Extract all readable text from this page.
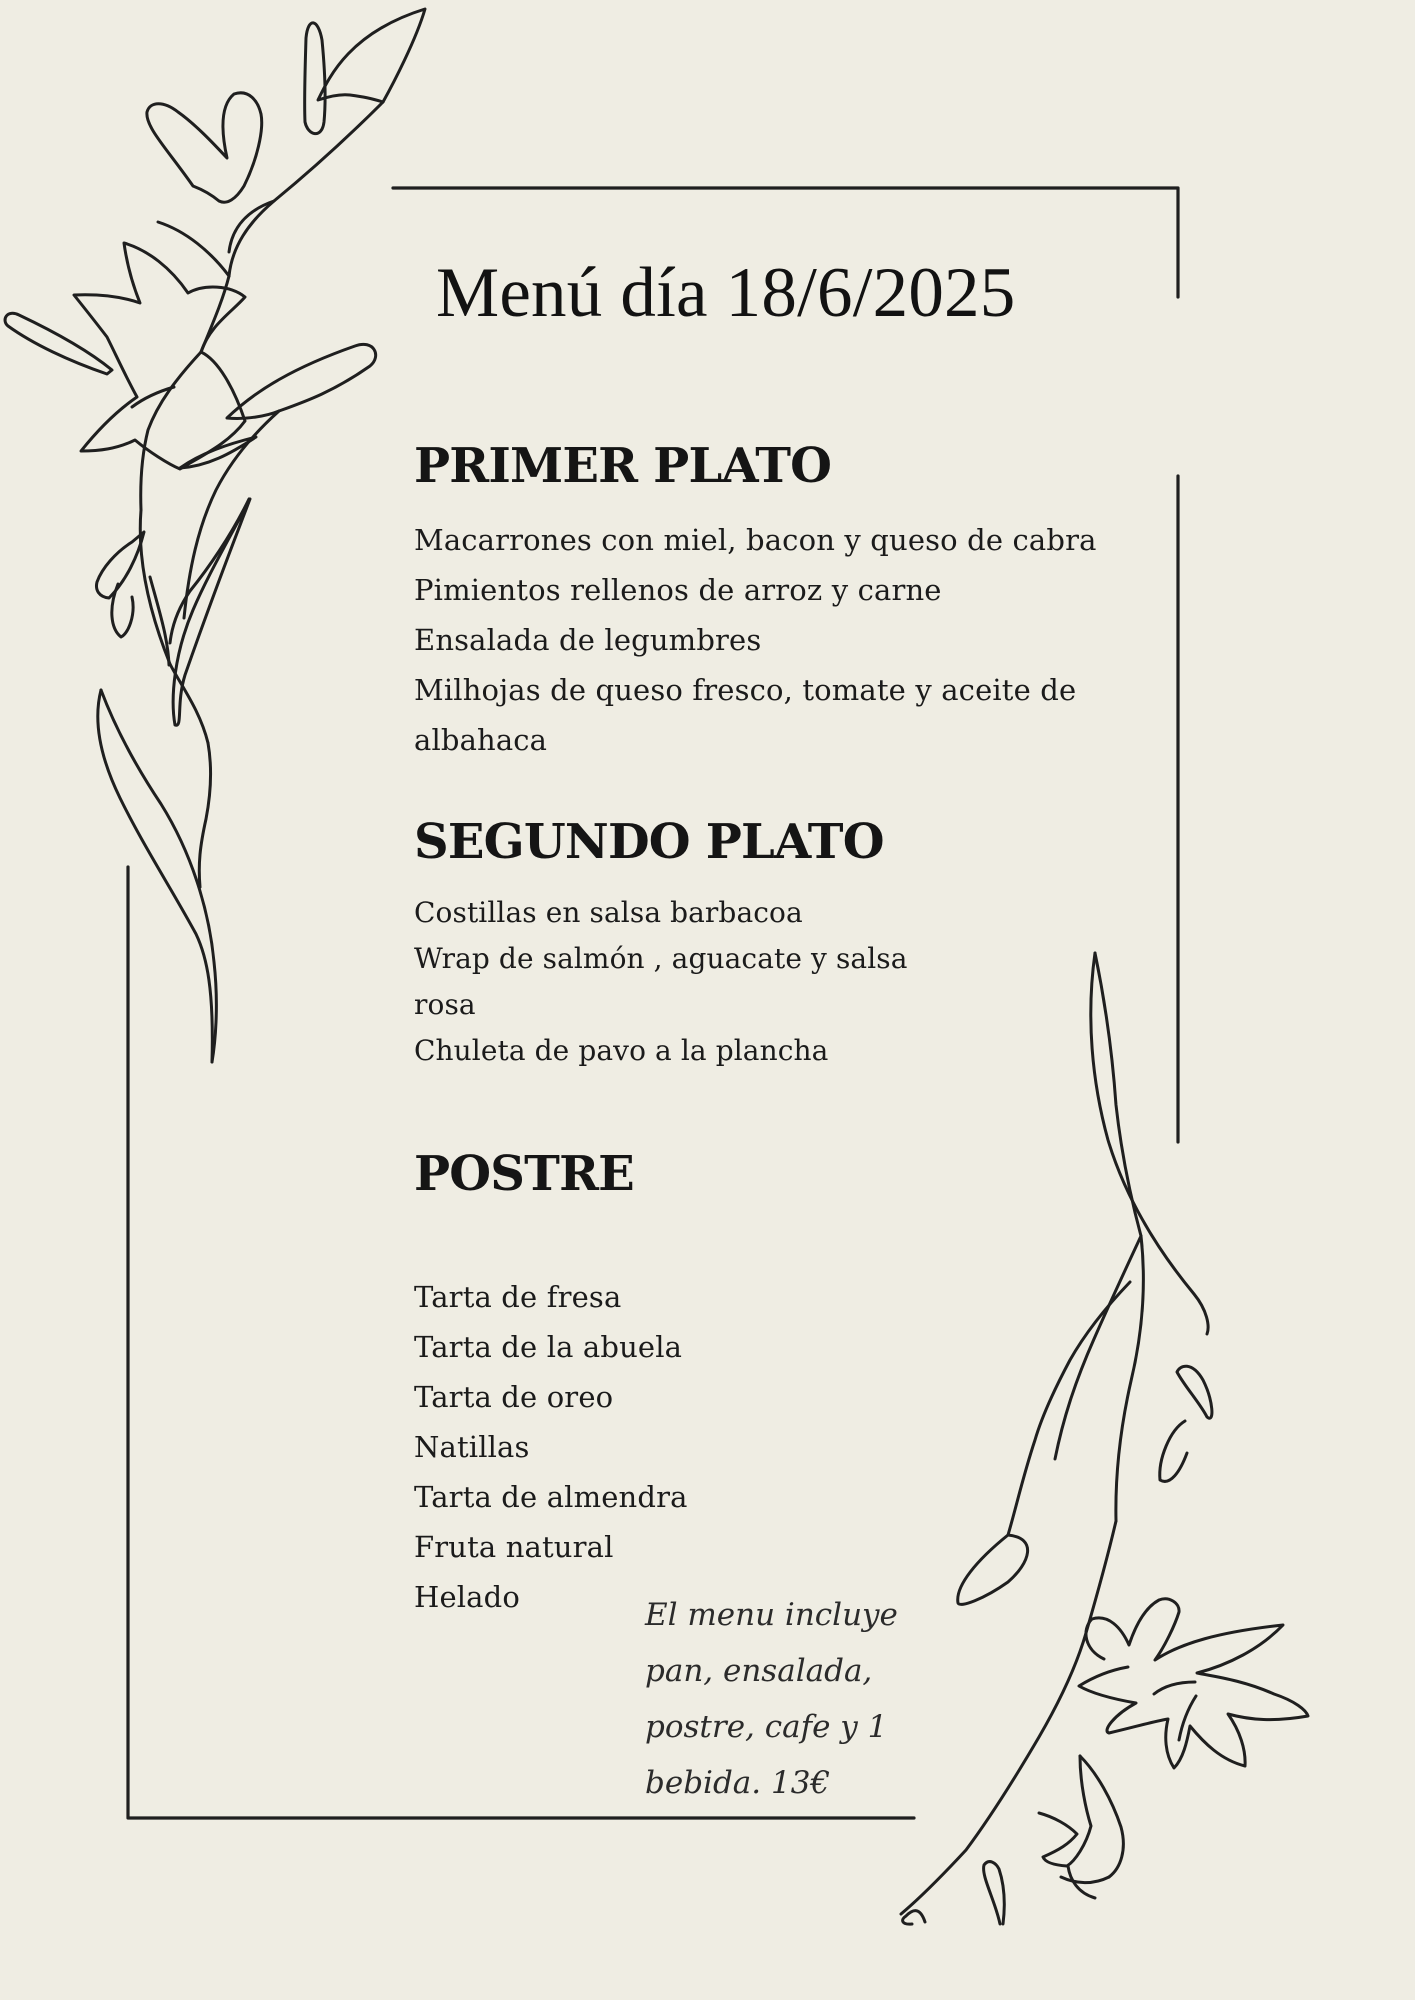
Menú día 18/6/2025
PRIMER PLATO
Macarrones con miel, bacon y queso de cabra
Pimientos rellenos de arroz y carne
Ensalada de legumbres
Milhojas de queso fresco, tomate y aceite de
albahaca
SEGUNDO PLATO
Costillas en salsa barbacoa
Wrap de salmón , aguacate y salsa
rosa
Chuleta de pavo a la plancha
POSTRE
Tarta de fresa
Tarta de la abuela
Tarta de oreo
Natillas
Tarta de almendra
Fruta natural
Helado	El menu incluye
pan, ensalada,
postre, cafe y 1
bebida. 13€
